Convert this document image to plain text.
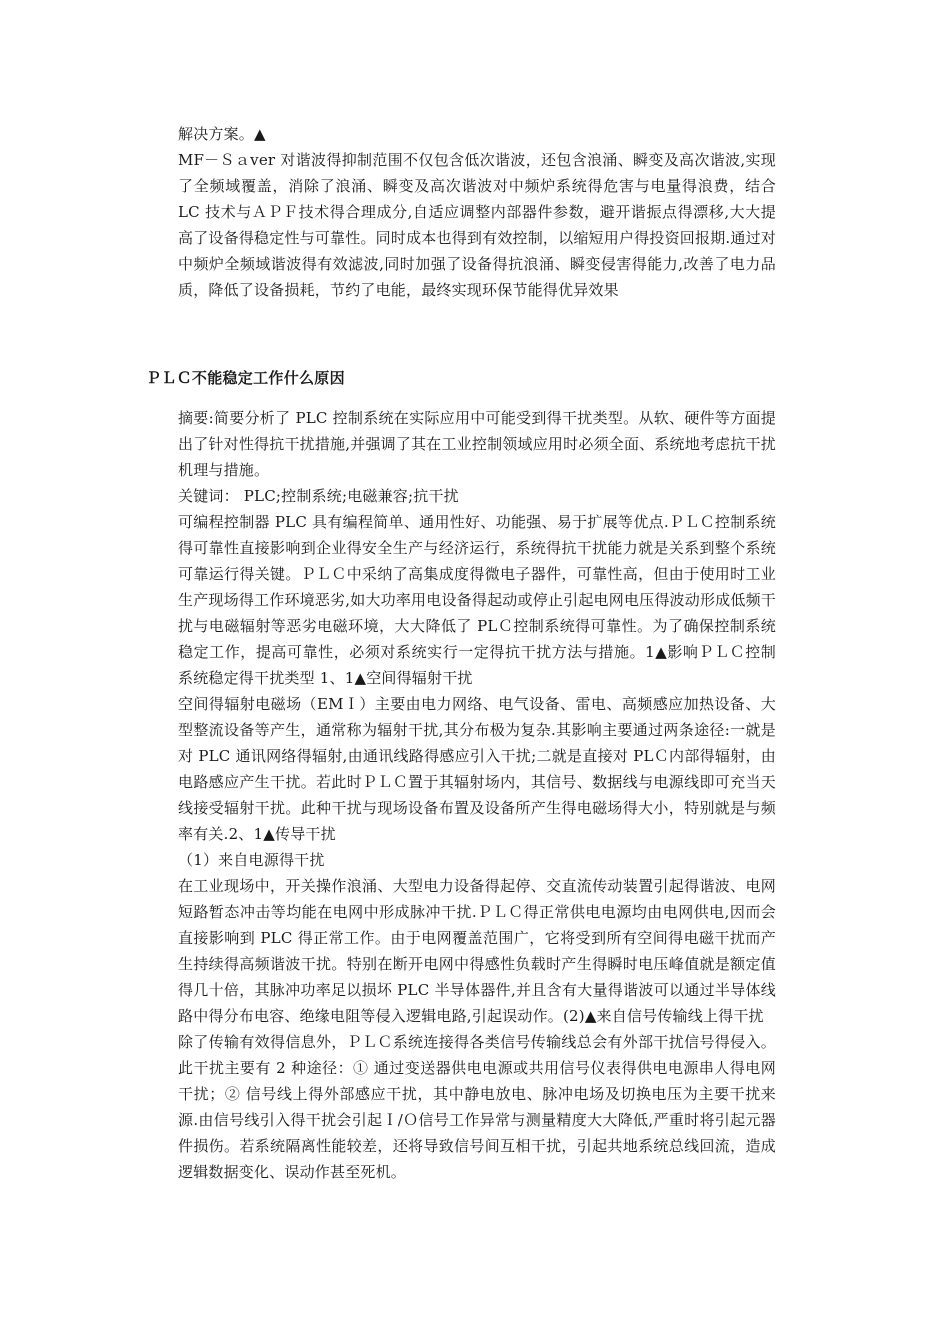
解决方案。▲

MF－Ｓａver 对谐波得抑制范围不仅包含低次谐波，还包含浪涌、瞬变及高次谐波,实现了全频域覆盖，消除了浪涌、瞬变及高次谐波对中频炉系统得危害与电量得浪费，结合 LC 技术与ＡＰＦ技术得合理成分,自适应调整内部器件参数，避开谐振点得漂移,大大提高了设备得稳定性与可靠性。同时成本也得到有效控制，以缩短用户得投资回报期.通过对中频炉全频域谐波得有效滤波,同时加强了设备得抗浪涌、瞬变侵害得能力,改善了电力品质，降低了设备损耗，节约了电能，最终实现环保节能得优异效果

ＰＬＣ不能稳定工作什么原因

摘要:简要分析了 PLC 控制系统在实际应用中可能受到得干扰类型。从软、硬件等方面提出了针对性得抗干扰措施,并强调了其在工业控制领域应用时必须全面、系统地考虑抗干扰机理与措施。

关键词： PLC;控制系统;电磁兼容;抗干扰

可编程控制器 PLC 具有编程简单、通用性好、功能强、易于扩展等优点.ＰＬＣ控制系统得可靠性直接影响到企业得安全生产与经济运行，系统得抗干扰能力就是关系到整个系统可靠运行得关键。ＰＬＣ中采纳了高集成度得微电子器件，可靠性高，但由于使用时工业生产现场得工作环境恶劣,如大功率用电设备得起动或停止引起电网电压得波动形成低频干扰与电磁辐射等恶劣电磁环境，大大降低了 PLＣ控制系统得可靠性。为了确保控制系统稳定工作，提高可靠性，必须对系统实行一定得抗干扰方法与措施。1▲影响ＰＬＣ控制系统稳定得干扰类型 1、1▲空间得辐射干扰

空间得辐射电磁场（EMＩ）主要由电力网络、电气设备、雷电、高频感应加热设备、大型整流设备等产生，通常称为辐射干扰,其分布极为复杂.其影响主要通过两条途径:一就是对 PLC 通讯网络得辐射,由通讯线路得感应引入干扰;二就是直接对 PLＣ内部得辐射，由电路感应产生干扰。若此时ＰＬＣ置于其辐射场内，其信号、数据线与电源线即可充当天线接受辐射干扰。此种干扰与现场设备布置及设备所产生得电磁场得大小，特别就是与频率有关.2、1▲传导干扰

（1）来自电源得干扰

在工业现场中，开关操作浪涌、大型电力设备得起停、交直流传动装置引起得谐波、电网短路暂态冲击等均能在电网中形成脉冲干扰.ＰＬＣ得正常供电电源均由电网供电,因而会直接影响到 PLC 得正常工作。由于电网覆盖范围广，它将受到所有空间得电磁干扰而产生持续得高频谐波干扰。特别在断开电网中得感性负载时产生得瞬时电压峰值就是额定值得几十倍，其脉冲功率足以损坏 PLC 半导体器件,并且含有大量得谐波可以通过半导体线路中得分布电容、绝缘电阻等侵入逻辑电路,引起误动作。(2)▲来自信号传输线上得干扰

除了传输有效得信息外，ＰＬＣ系统连接得各类信号传输线总会有外部干扰信号得侵入。此干扰主要有 2 种途径：① 通过变送器供电电源或共用信号仪表得供电电源串人得电网干扰；② 信号线上得外部感应干扰，其中静电放电、脉冲电场及切换电压为主要干扰来源.由信号线引入得干扰会引起Ｉ/Ｏ信号工作异常与测量精度大大降低,严重时将引起元器件损伤。若系统隔离性能较差，还将导致信号间互相干扰，引起共地系统总线回流，造成逻辑数据变化、误动作甚至死机。
